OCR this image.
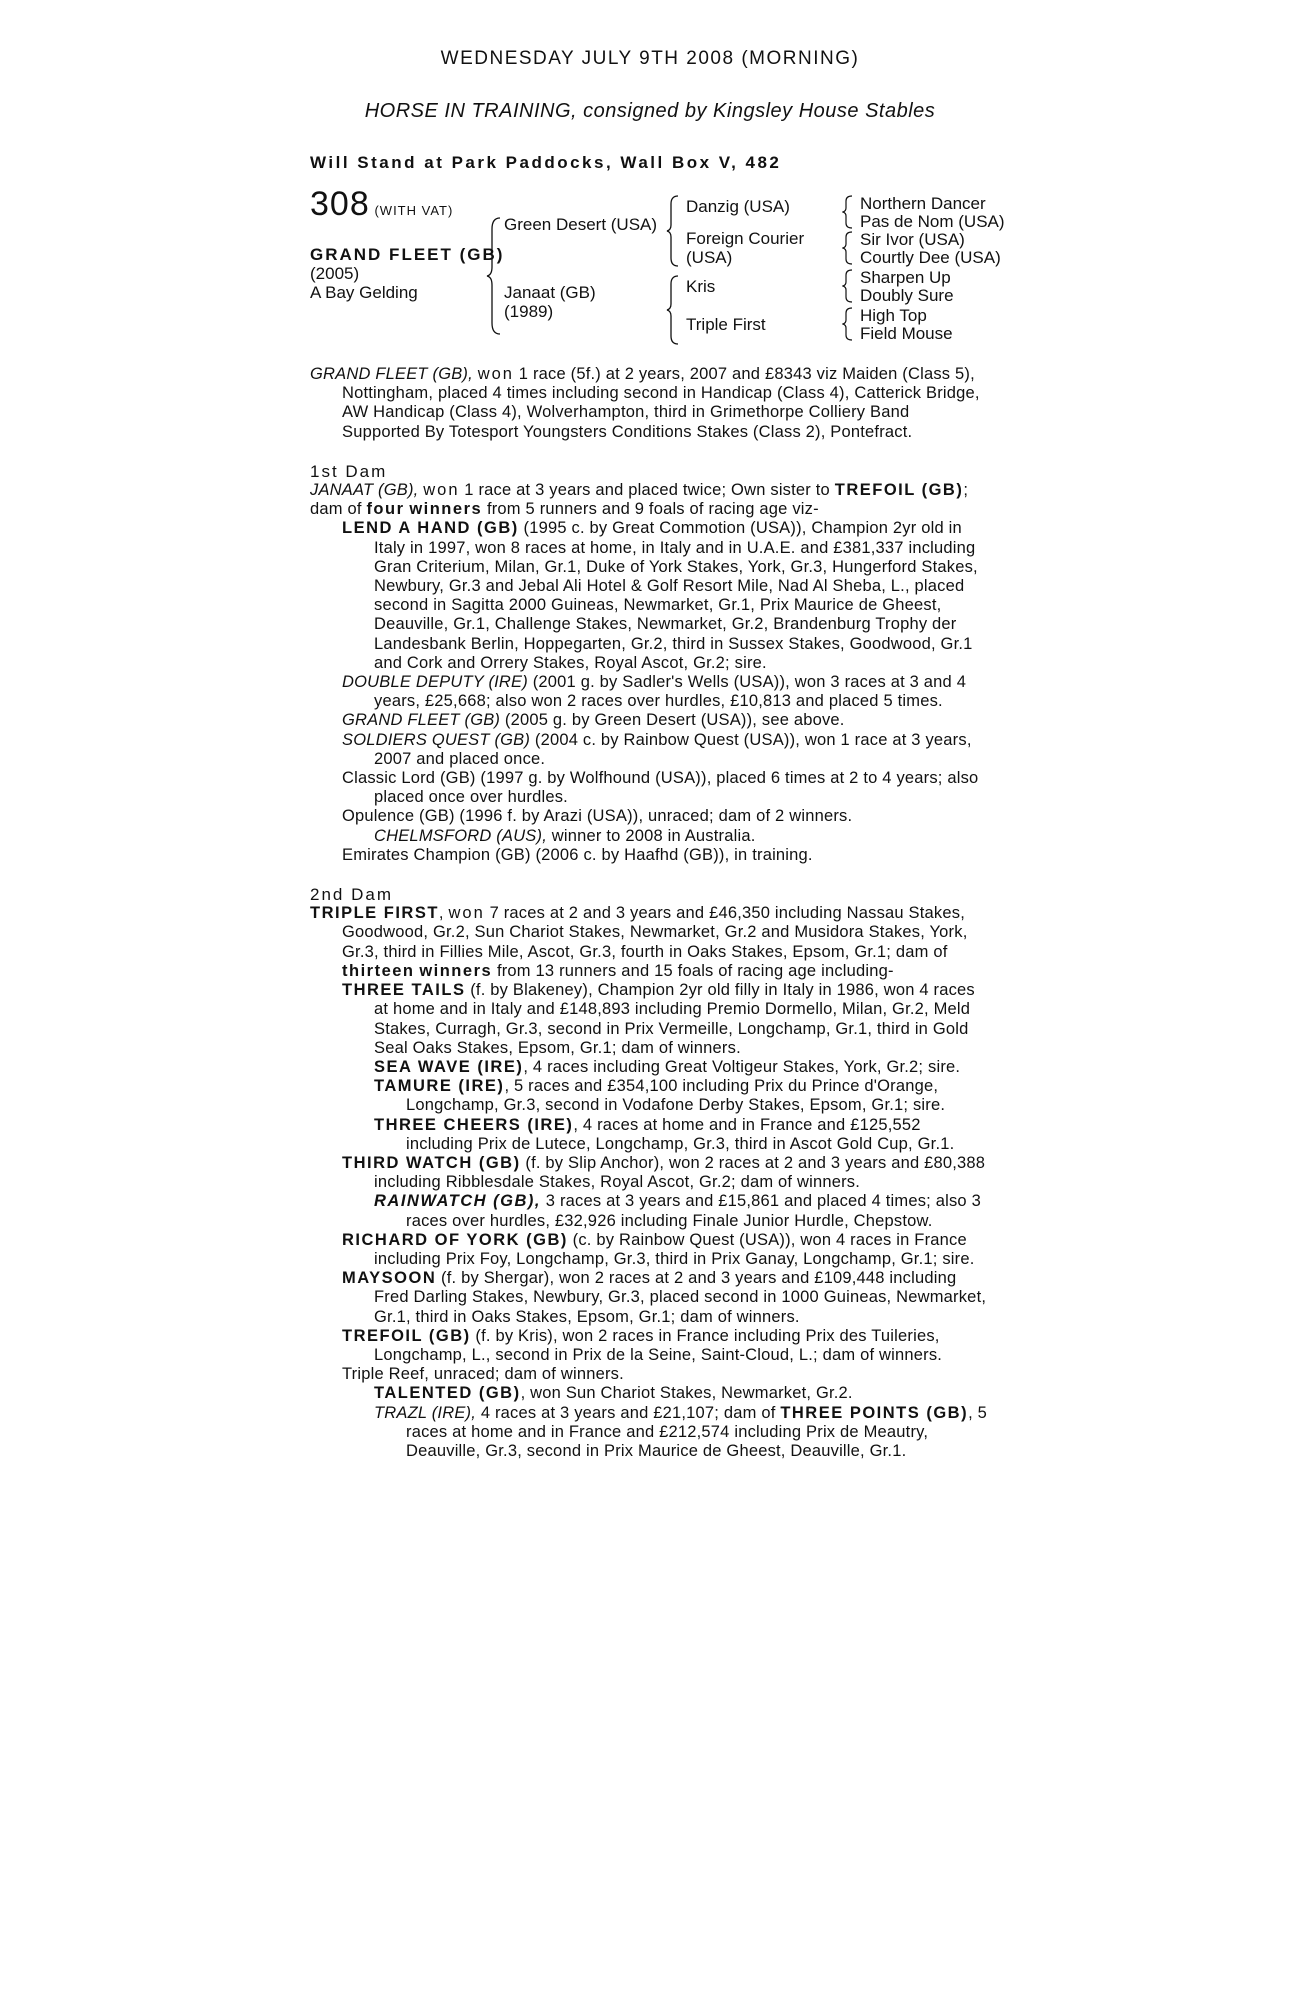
WEDNESDAY JULY 9TH 2008 (MORNING)
HORSE IN TRAINING, consigned by Kingsley House Stables
Will Stand at Park Paddocks, Wall Box V, 482
308 (WITH VAT)
GRAND FLEET (GB)
(2005)
A Bay Gelding
Green Desert (USA)
Janaat (GB)
(1989)
Danzig (USA)
Foreign Courier
(USA)
Kris
Triple First
Northern Dancer
Pas de Nom (USA)
Sir Ivor (USA)
Courtly Dee (USA)
Sharpen Up
Doubly Sure
High Top
Field Mouse

GRAND FLEET (GB), won 1 race (5f.) at 2 years, 2007 and £8343 viz Maiden (Class 5), Nottingham, placed 4 times including second in Handicap (Class 4), Catterick Bridge, AW Handicap (Class 4), Wolverhampton, third in Grimethorpe Colliery Band Supported By Totesport Youngsters Conditions Stakes (Class 2), Pontefract.

1st Dam

JANAAT (GB), won 1 race at 3 years and placed twice; Own sister to TREFOIL (GB); dam of four winners from 5 runners and 9 foals of racing age viz-

LEND A HAND (GB) (1995 c. by Great Commotion (USA)), Champion 2yr old in Italy in 1997, won 8 races at home, in Italy and in U.A.E. and £381,337 including Gran Criterium, Milan, Gr.1, Duke of York Stakes, York, Gr.3, Hungerford Stakes, Newbury, Gr.3 and Jebal Ali Hotel & Golf Resort Mile, Nad Al Sheba, L., placed second in Sagitta 2000 Guineas, Newmarket, Gr.1, Prix Maurice de Gheest, Deauville, Gr.1, Challenge Stakes, Newmarket, Gr.2, Brandenburg Trophy der Landesbank Berlin, Hoppegarten, Gr.2, third in Sussex Stakes, Goodwood, Gr.1 and Cork and Orrery Stakes, Royal Ascot, Gr.2; sire.

DOUBLE DEPUTY (IRE) (2001 g. by Sadler's Wells (USA)), won 3 races at 3 and 4 years, £25,668; also won 2 races over hurdles, £10,813 and placed 5 times.

GRAND FLEET (GB) (2005 g. by Green Desert (USA)), see above.

SOLDIERS QUEST (GB) (2004 c. by Rainbow Quest (USA)), won 1 race at 3 years, 2007 and placed once.

Classic Lord (GB) (1997 g. by Wolfhound (USA)), placed 6 times at 2 to 4 years; also placed once over hurdles.

Opulence (GB) (1996 f. by Arazi (USA)), unraced; dam of 2 winners.

CHELMSFORD (AUS), winner to 2008 in Australia.

Emirates Champion (GB) (2006 c. by Haafhd (GB)), in training.

2nd Dam

TRIPLE FIRST, won 7 races at 2 and 3 years and £46,350 including Nassau Stakes, Goodwood, Gr.2, Sun Chariot Stakes, Newmarket, Gr.2 and Musidora Stakes, York, Gr.3, third in Fillies Mile, Ascot, Gr.3, fourth in Oaks Stakes, Epsom, Gr.1; dam of thirteen winners from 13 runners and 15 foals of racing age including-

THREE TAILS (f. by Blakeney), Champion 2yr old filly in Italy in 1986, won 4 races at home and in Italy and £148,893 including Premio Dormello, Milan, Gr.2, Meld Stakes, Curragh, Gr.3, second in Prix Vermeille, Longchamp, Gr.1, third in Gold Seal Oaks Stakes, Epsom, Gr.1; dam of winners.

SEA WAVE (IRE), 4 races including Great Voltigeur Stakes, York, Gr.2; sire.

TAMURE (IRE), 5 races and £354,100 including Prix du Prince d'Orange, Longchamp, Gr.3, second in Vodafone Derby Stakes, Epsom, Gr.1; sire.

THREE CHEERS (IRE), 4 races at home and in France and £125,552 including Prix de Lutece, Longchamp, Gr.3, third in Ascot Gold Cup, Gr.1.

THIRD WATCH (GB) (f. by Slip Anchor), won 2 races at 2 and 3 years and £80,388 including Ribblesdale Stakes, Royal Ascot, Gr.2; dam of winners.

RAINWATCH (GB), 3 races at 3 years and £15,861 and placed 4 times; also 3 races over hurdles, £32,926 including Finale Junior Hurdle, Chepstow.

RICHARD OF YORK (GB) (c. by Rainbow Quest (USA)), won 4 races in France including Prix Foy, Longchamp, Gr.3, third in Prix Ganay, Longchamp, Gr.1; sire.

MAYSOON (f. by Shergar), won 2 races at 2 and 3 years and £109,448 including Fred Darling Stakes, Newbury, Gr.3, placed second in 1000 Guineas, Newmarket, Gr.1, third in Oaks Stakes, Epsom, Gr.1; dam of winners.

TREFOIL (GB) (f. by Kris), won 2 races in France including Prix des Tuileries, Longchamp, L., second in Prix de la Seine, Saint-Cloud, L.; dam of winners.

Triple Reef, unraced; dam of winners.

TALENTED (GB), won Sun Chariot Stakes, Newmarket, Gr.2.

TRAZL (IRE), 4 races at 3 years and £21,107; dam of THREE POINTS (GB), 5 races at home and in France and £212,574 including Prix de Meautry, Deauville, Gr.3, second in Prix Maurice de Gheest, Deauville, Gr.1.
